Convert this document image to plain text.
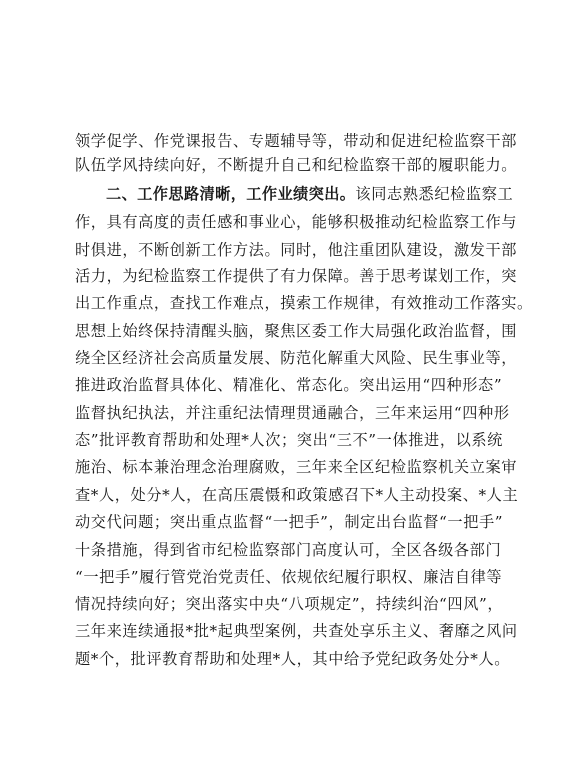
领学促学、作党课报告、专题辅导等，带动和促进纪检监察干部
队伍学风持续向好，不断提升自己和纪检监察干部的履职能力。
二、工作思路清晰，工作业绩突出。该同志熟悉纪检监察工
作，具有高度的责任感和事业心，能够积极推动纪检监察工作与
时俱进，不断创新工作方法。同时，他注重团队建设，激发干部
活力，为纪检监察工作提供了有力保障。善于思考谋划工作，突
出工作重点，查找工作难点，摸索工作规律，有效推动工作落实。
思想上始终保持清醒头脑，聚焦区委工作大局强化政治监督，围
绕全区经济社会高质量发展、防范化解重大风险、民生事业等，
推进政治监督具体化、精准化、常态化。突出运用“四种形态”
监督执纪执法，并注重纪法情理贯通融合，三年来运用“四种形
态”批评教育帮助和处理*人次；突出“三不”一体推进，以系统
施治、标本兼治理念治理腐败，三年来全区纪检监察机关立案审
查*人，处分*人，在高压震慑和政策感召下*人主动投案、*人主
动交代问题；突出重点监督“一把手”，制定出台监督“一把手”
十条措施，得到省市纪检监察部门高度认可，全区各级各部门
“一把手”履行管党治党责任、依规依纪履行职权、廉洁自律等
情况持续向好；突出落实中央“八项规定”，持续纠治“四风”，
三年来连续通报*批*起典型案例，共查处享乐主义、奢靡之风问
题*个，批评教育帮助和处理*人，其中给予党纪政务处分*人。
